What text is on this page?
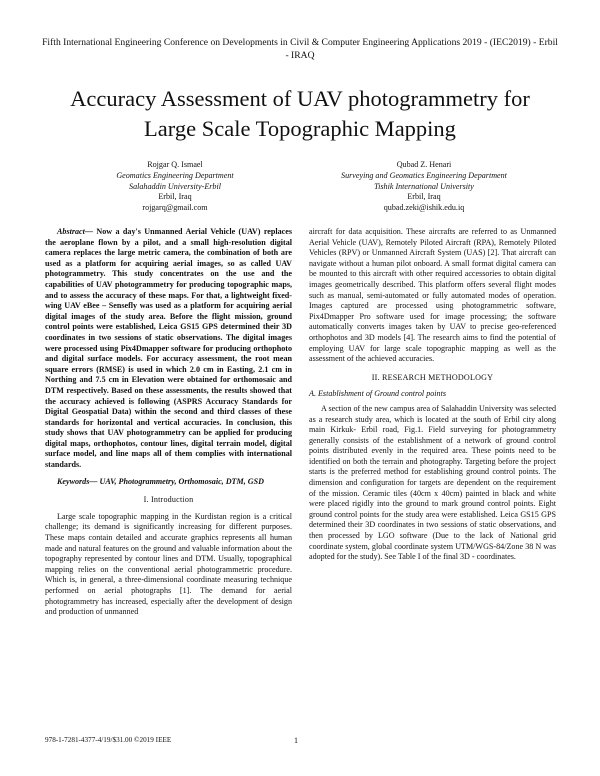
Fifth International Engineering Conference on Developments in Civil & Computer Engineering Applications 2019 - (IEC2019) - Erbil - IRAQ
Accuracy Assessment of UAV photogrammetry for
Large Scale Topographic Mapping
Rojgar Q. Ismael
Geomatics Engineering Department
Salahaddin University-Erbil
Erbil, Iraq
rojgarq@gmail.com
Qubad Z. Henari
Surveying and Geomatics Engineering Department
Tishik International University
Erbil, Iraq
qubad.zeki@ishik.edu.iq

Abstract— Now a day's Unmanned Aerial Vehicle (UAV) replaces the aeroplane flown by a pilot, and a small high-resolution digital camera replaces the large metric camera, the combination of both are used as a platform for acquiring aerial images, so as called UAV photogrammetry. This study concentrates on the use and the capabilities of UAV photogrammetry for producing topographic maps, and to assess the accuracy of these maps. For that, a lightweight fixed-wing UAV eBee – Sensefly was used as a platform for acquiring aerial digital images of the study area. Before the flight mission, ground control points were established, Leica GS15 GPS determined their 3D coordinates in two sessions of static observations. The digital images were processed using Pix4Dmapper software for producing orthophoto and digital surface models. For accuracy assessment, the root mean square errors (RMSE) is used in which 2.0 cm in Easting, 2.1 cm in Northing and 7.5 cm in Elevation were obtained for orthomosaic and DTM respectively. Based on these assessments, the results showed that the accuracy achieved is following (ASPRS Accuracy Standards for Digital Geospatial Data) within the second and third classes of these standards for horizontal and vertical accuracies. In conclusion, this study shows that UAV photogrammetry can be applied for producing digital maps, orthophotos, contour lines, digital terrain model, digital surface model, and line maps all of them complies with international standards.

Keywords— UAV, Photogrammetry, Orthomosaic, DTM, GSD

I. Introduction

Large scale topographic mapping in the Kurdistan region is a critical challenge; its demand is significantly increasing for different purposes. These maps contain detailed and accurate graphics represents all human made and natural features on the ground and valuable information about the topography represented by contour lines and DTM. Usually, topographical mapping relies on the conventional aerial photogrammetric procedure. Which is, in general, a three-dimensional coordinate measuring technique performed on aerial photographs [1]. The demand for aerial photogrammetry has increased, especially after the development of design and production of unmanned

aircraft for data acquisition. These aircrafts are referred to as Unmanned Aerial Vehicle (UAV), Remotely Piloted Aircraft (RPA), Remotely Piloted Vehicles (RPV) or Unmanned Aircraft System (UAS) [2]. That aircraft can navigate without a human pilot onboard. A small format digital camera can be mounted to this aircraft with other required accessories to obtain digital images geometrically described. This platform offers several flight modes such as manual, semi-automated or fully automated modes of operation. Images captured are processed using photogrammetric software, Pix4Dmapper Pro software used for image processing; the software automatically converts images taken by UAV to precise geo-referenced orthophotos and 3D models [4]. The research aims to find the potential of employing UAV for large scale topographic mapping as well as the assessment of the achieved accuracies.

II. RESEARCH METHODOLOGY

A. Establishment of Ground control points

A section of the new campus area of Salahaddin University was selected as a research study area, which is located at the south of Erbil city along main Kirkuk- Erbil road, Fig.1. Field surveying for photogrammetry generally consists of the establishment of a network of ground control points distributed evenly in the required area. These points need to be identified on both the terrain and photography. Targeting before the project starts is the preferred method for establishing ground control points. The dimension and configuration for targets are dependent on the requirement of the mission. Ceramic tiles (40cm x 40cm) painted in black and white were placed rigidly into the ground to mark ground control points. Eight ground control points for the study area were established. Leica GS15 GPS determined their 3D coordinates in two sessions of static observations, and then processed by LGO software (Due to the lack of National grid coordinate system, global coordinate system UTM/WGS-84/Zone 38 N was adopted for the study). See Table I of the final 3D - coordinates.

978-1-7281-4377-4/19/$31.00 ©2019 IEEE	1
